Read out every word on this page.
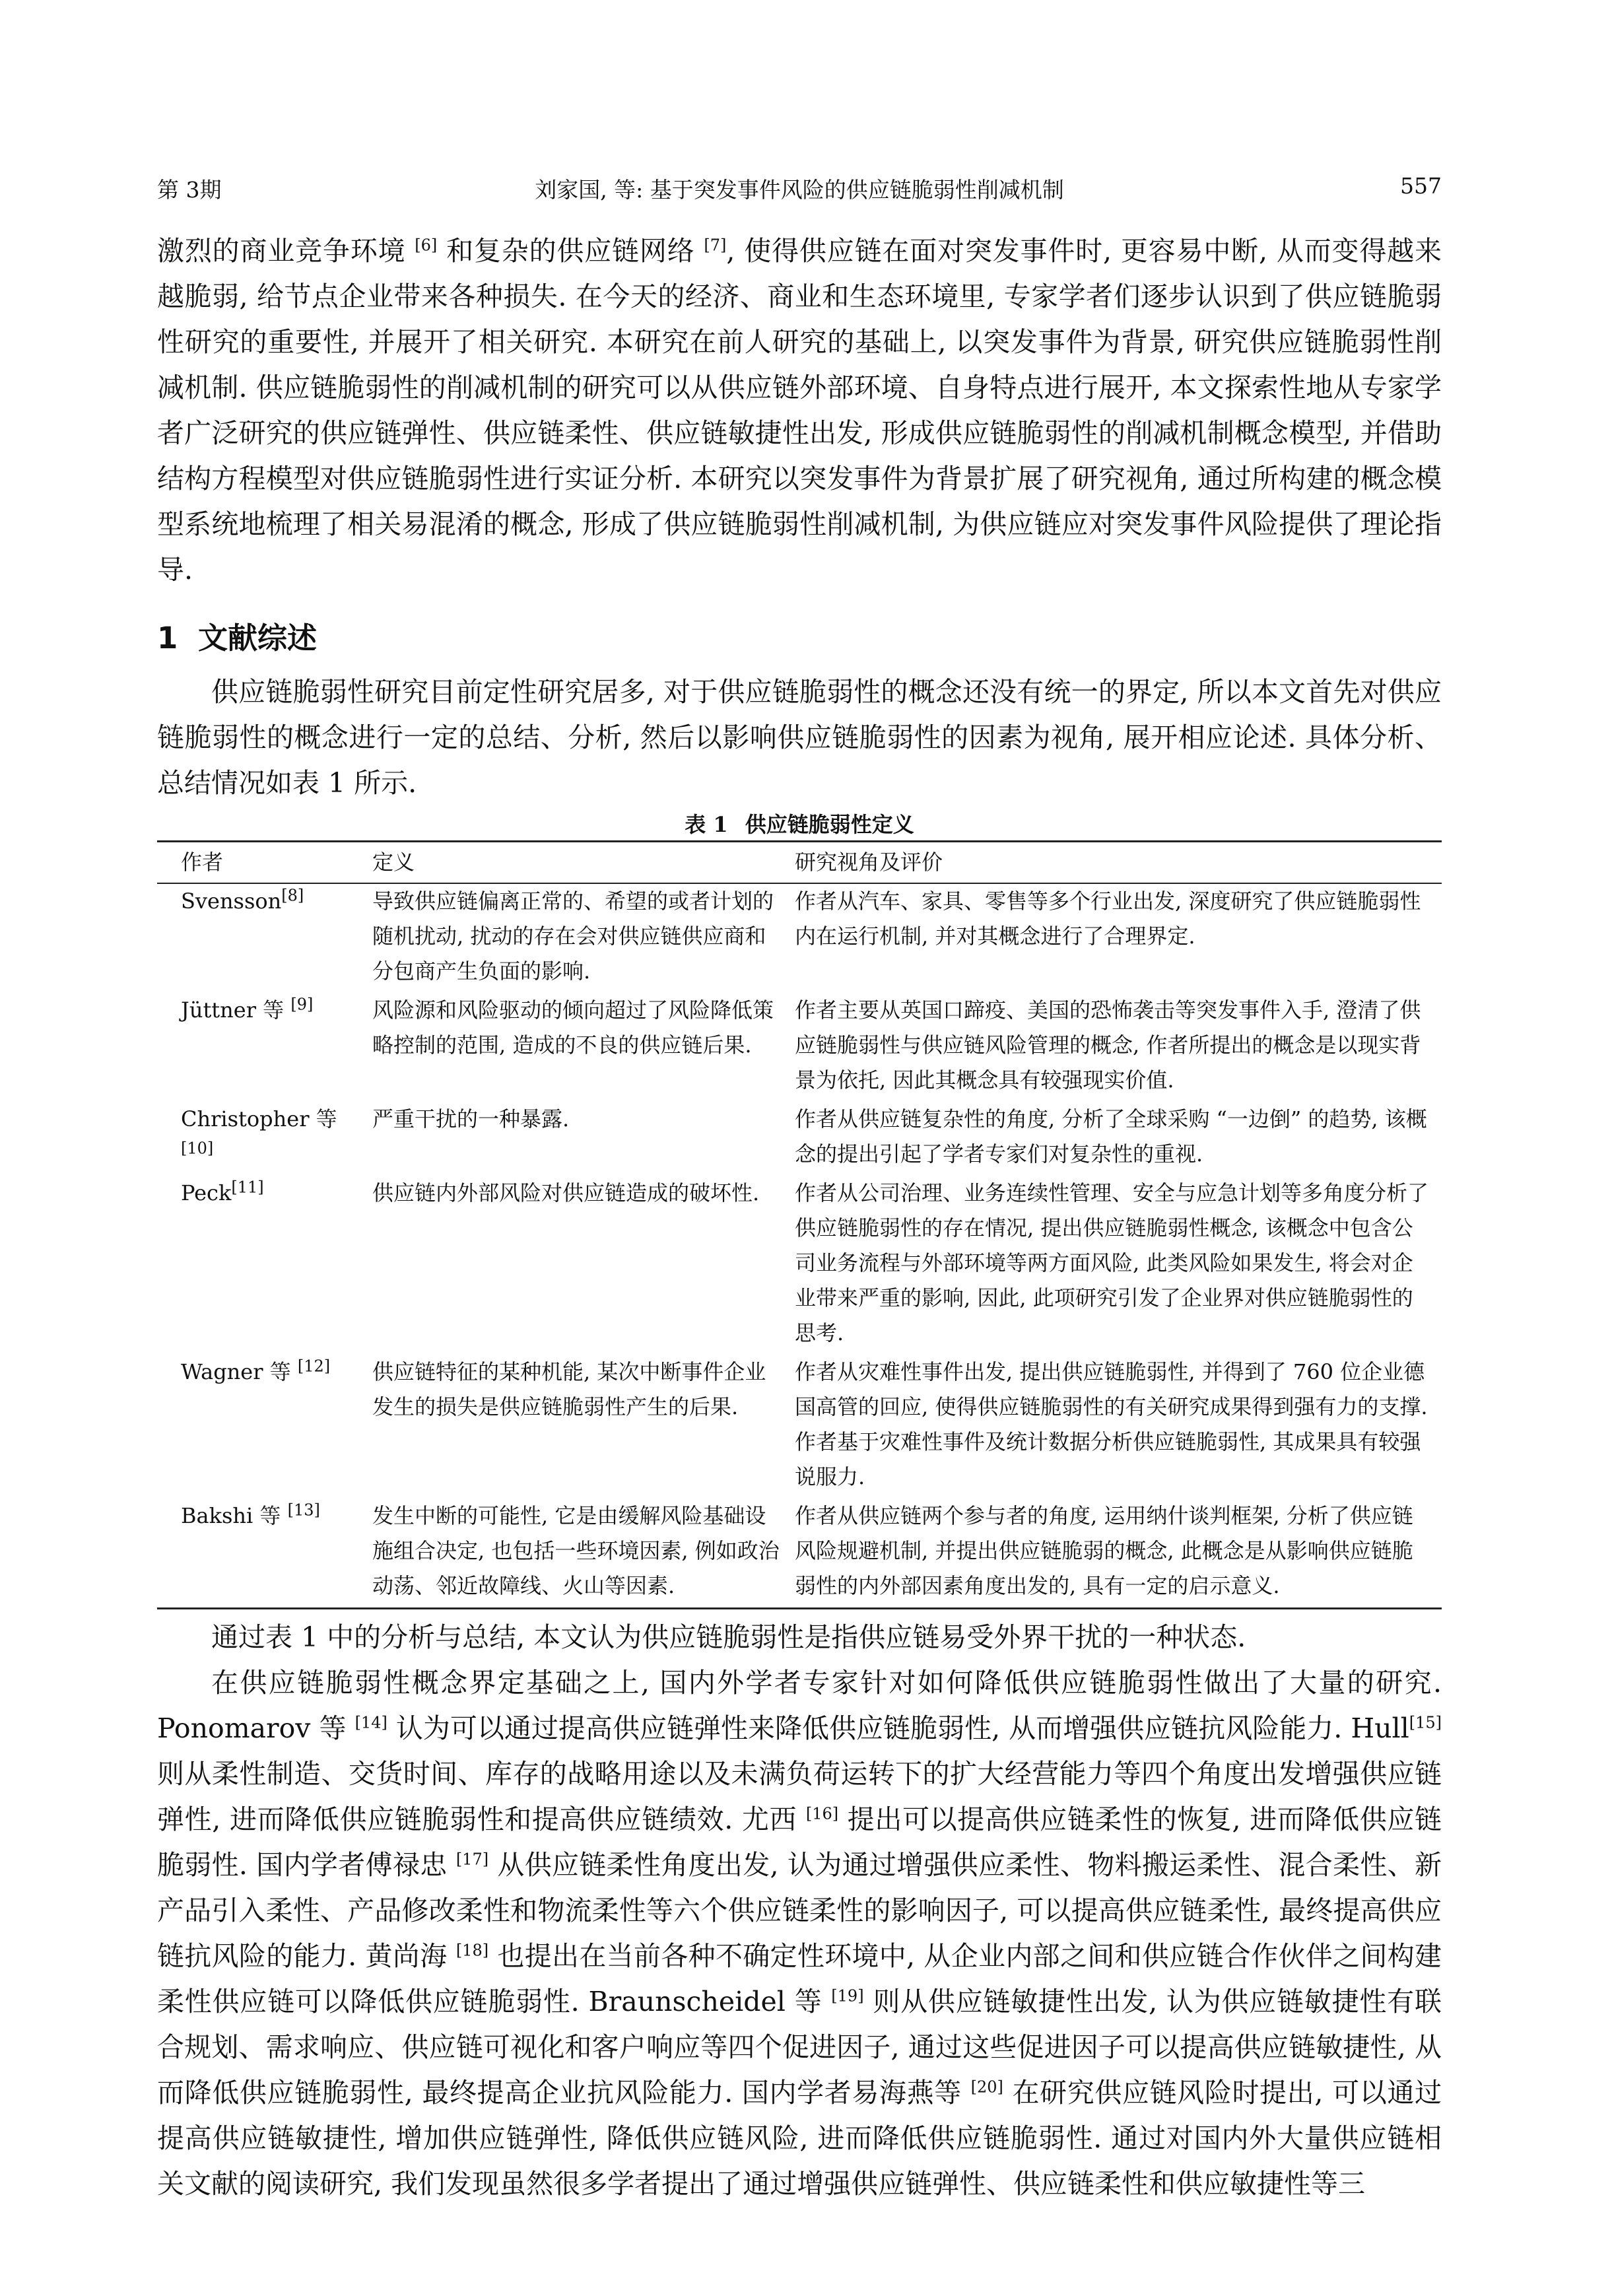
第 3期	刘家国, 等: 基于突发事件风险的供应链脆弱性削减机制	557

激烈的商业竞争环境 [6] 和复杂的供应链网络 [7], 使得供应链在面对突发事件时, 更容易中断, 从而变得越来越脆弱, 给节点企业带来各种损失. 在今天的经济、商业和生态环境里, 专家学者们逐步认识到了供应链脆弱性研究的重要性, 并展开了相关研究. 本研究在前人研究的基础上, 以突发事件为背景, 研究供应链脆弱性削减机制. 供应链脆弱性的削减机制的研究可以从供应链外部环境、自身特点进行展开, 本文探索性地从专家学者广泛研究的供应链弹性、供应链柔性、供应链敏捷性出发, 形成供应链脆弱性的削减机制概念模型, 并借助结构方程模型对供应链脆弱性进行实证分析. 本研究以突发事件为背景扩展了研究视角, 通过所构建的概念模型系统地梳理了相关易混淆的概念, 形成了供应链脆弱性削减机制, 为供应链应对突发事件风险提供了理论指导.

1 文献综述

供应链脆弱性研究目前定性研究居多, 对于供应链脆弱性的概念还没有统一的界定, 所以本文首先对供应链脆弱性的概念进行一定的总结、分析, 然后以影响供应链脆弱性的因素为视角, 展开相应论述. 具体分析、总结情况如表 1 所示.

表 1 供应链脆弱性定义
作者	定义	研究视角及评价
Svensson[8]	导致供应链偏离正常的、希望的或者计划的随机扰动, 扰动的存在会对供应链供应商和分包商产生负面的影响.	作者从汽车、家具、零售等多个行业出发, 深度研究了供应链脆弱性内在运行机制, 并对其概念进行了合理界定.
Jüttner 等 [9]	风险源和风险驱动的倾向超过了风险降低策略控制的范围, 造成的不良的供应链后果.	作者主要从英国口蹄疫、美国的恐怖袭击等突发事件入手, 澄清了供应链脆弱性与供应链风险管理的概念, 作者所提出的概念是以现实背景为依托, 因此其概念具有较强现实价值.
Christopher 等 [10]	严重干扰的一种暴露.	作者从供应链复杂性的角度, 分析了全球采购 “一边倒” 的趋势, 该概念的提出引起了学者专家们对复杂性的重视.
Peck[11]	供应链内外部风险对供应链造成的破坏性.	作者从公司治理、业务连续性管理、安全与应急计划等多角度分析了供应链脆弱性的存在情况, 提出供应链脆弱性概念, 该概念中包含公司业务流程与外部环境等两方面风险, 此类风险如果发生, 将会对企业带来严重的影响, 因此, 此项研究引发了企业界对供应链脆弱性的思考.
Wagner 等 [12]	供应链特征的某种机能, 某次中断事件企业发生的损失是供应链脆弱性产生的后果.	作者从灾难性事件出发, 提出供应链脆弱性, 并得到了 760 位企业德国高管的回应, 使得供应链脆弱性的有关研究成果得到强有力的支撑. 作者基于灾难性事件及统计数据分析供应链脆弱性, 其成果具有较强说服力.
Bakshi 等 [13]	发生中断的可能性, 它是由缓解风险基础设施组合决定, 也包括一些环境因素, 例如政治动荡、邻近故障线、火山等因素.	作者从供应链两个参与者的角度, 运用纳什谈判框架, 分析了供应链风险规避机制, 并提出供应链脆弱的概念, 此概念是从影响供应链脆弱性的内外部因素角度出发的, 具有一定的启示意义.

通过表 1 中的分析与总结, 本文认为供应链脆弱性是指供应链易受外界干扰的一种状态.

在供应链脆弱性概念界定基础之上, 国内外学者专家针对如何降低供应链脆弱性做出了大量的研究. Ponomarov 等 [14] 认为可以通过提高供应链弹性来降低供应链脆弱性, 从而增强供应链抗风险能力. Hull[15] 则从柔性制造、交货时间、库存的战略用途以及未满负荷运转下的扩大经营能力等四个角度出发增强供应链弹性, 进而降低供应链脆弱性和提高供应链绩效. 尤西 [16] 提出可以提高供应链柔性的恢复, 进而降低供应链脆弱性. 国内学者傅禄忠 [17] 从供应链柔性角度出发, 认为通过增强供应柔性、物料搬运柔性、混合柔性、新产品引入柔性、产品修改柔性和物流柔性等六个供应链柔性的影响因子, 可以提高供应链柔性, 最终提高供应链抗风险的能力. 黄尚海 [18] 也提出在当前各种不确定性环境中, 从企业内部之间和供应链合作伙伴之间构建柔性供应链可以降低供应链脆弱性. Braunscheidel 等 [19] 则从供应链敏捷性出发, 认为供应链敏捷性有联合规划、需求响应、供应链可视化和客户响应等四个促进因子, 通过这些促进因子可以提高供应链敏捷性, 从而降低供应链脆弱性, 最终提高企业抗风险能力. 国内学者易海燕等 [20] 在研究供应链风险时提出, 可以通过提高供应链敏捷性, 增加供应链弹性, 降低供应链风险, 进而降低供应链脆弱性. 通过对国内外大量供应链相关文献的阅读研究, 我们发现虽然很多学者提出了通过增强供应链弹性、供应链柔性和供应敏捷性等三
